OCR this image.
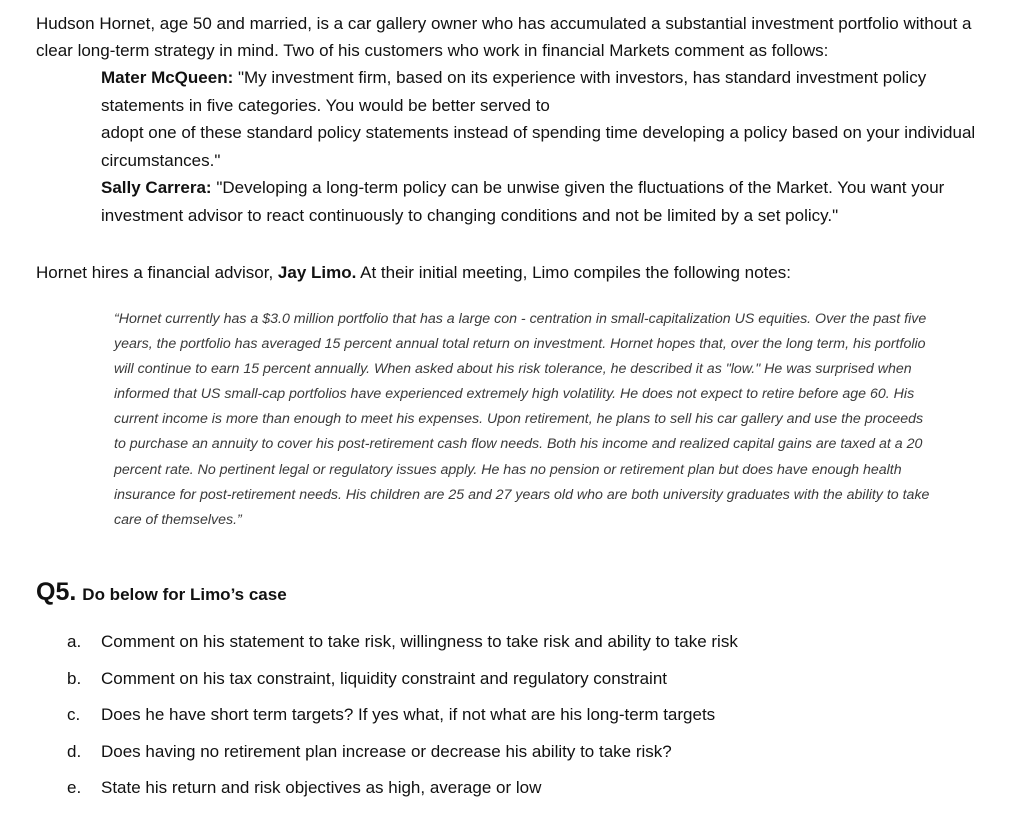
Hudson Hornet, age 50 and married, is a car gallery owner who has accumulated a substantial investment portfolio without a clear long-term strategy in mind. Two of his customers who work in financial Markets comment as follows:

Mater McQueen: "My investment firm, based on its experience with investors, has standard investment policy statements in five categories. You would be better served to

adopt one of these standard policy statements instead of spending time developing a policy based on your individual circumstances."

Sally Carrera: "Developing a long-term policy can be unwise given the fluctuations of the Market. You want your investment advisor to react continuously to changing conditions and not be limited by a set policy."

Hornet hires a financial advisor, Jay Limo. At their initial meeting, Limo compiles the following notes:

“Hornet currently has a $3.0 million portfolio that has a large con - centration in small-capitalization US equities. Over the past five years, the portfolio has averaged 15 percent annual total return on investment. Hornet hopes that, over the long term, his portfolio will continue to earn 15 percent annually. When asked about his risk tolerance, he described it as "low." He was surprised when informed that US small-cap portfolios have experienced extremely high volatility. He does not expect to retire before age 60. His current income is more than enough to meet his expenses. Upon retirement, he plans to sell his car gallery and use the proceeds to purchase an annuity to cover his post-retirement cash flow needs. Both his income and realized capital gains are taxed at a 20 percent rate. No pertinent legal or regulatory issues apply. He has no pension or retirement plan but does have enough health insurance for post-retirement needs. His children are 25 and 27 years old who are both university graduates with the ability to take care of themselves.”

Q5. Do below for Limo’s case
a. Comment on his statement to take risk, willingness to take risk and ability to take risk
b. Comment on his tax constraint, liquidity constraint and regulatory constraint
c. Does he have short term targets? If yes what, if not what are his long-term targets
d. Does having no retirement plan increase or decrease his ability to take risk?
e. State his return and risk objectives as high, average or low
